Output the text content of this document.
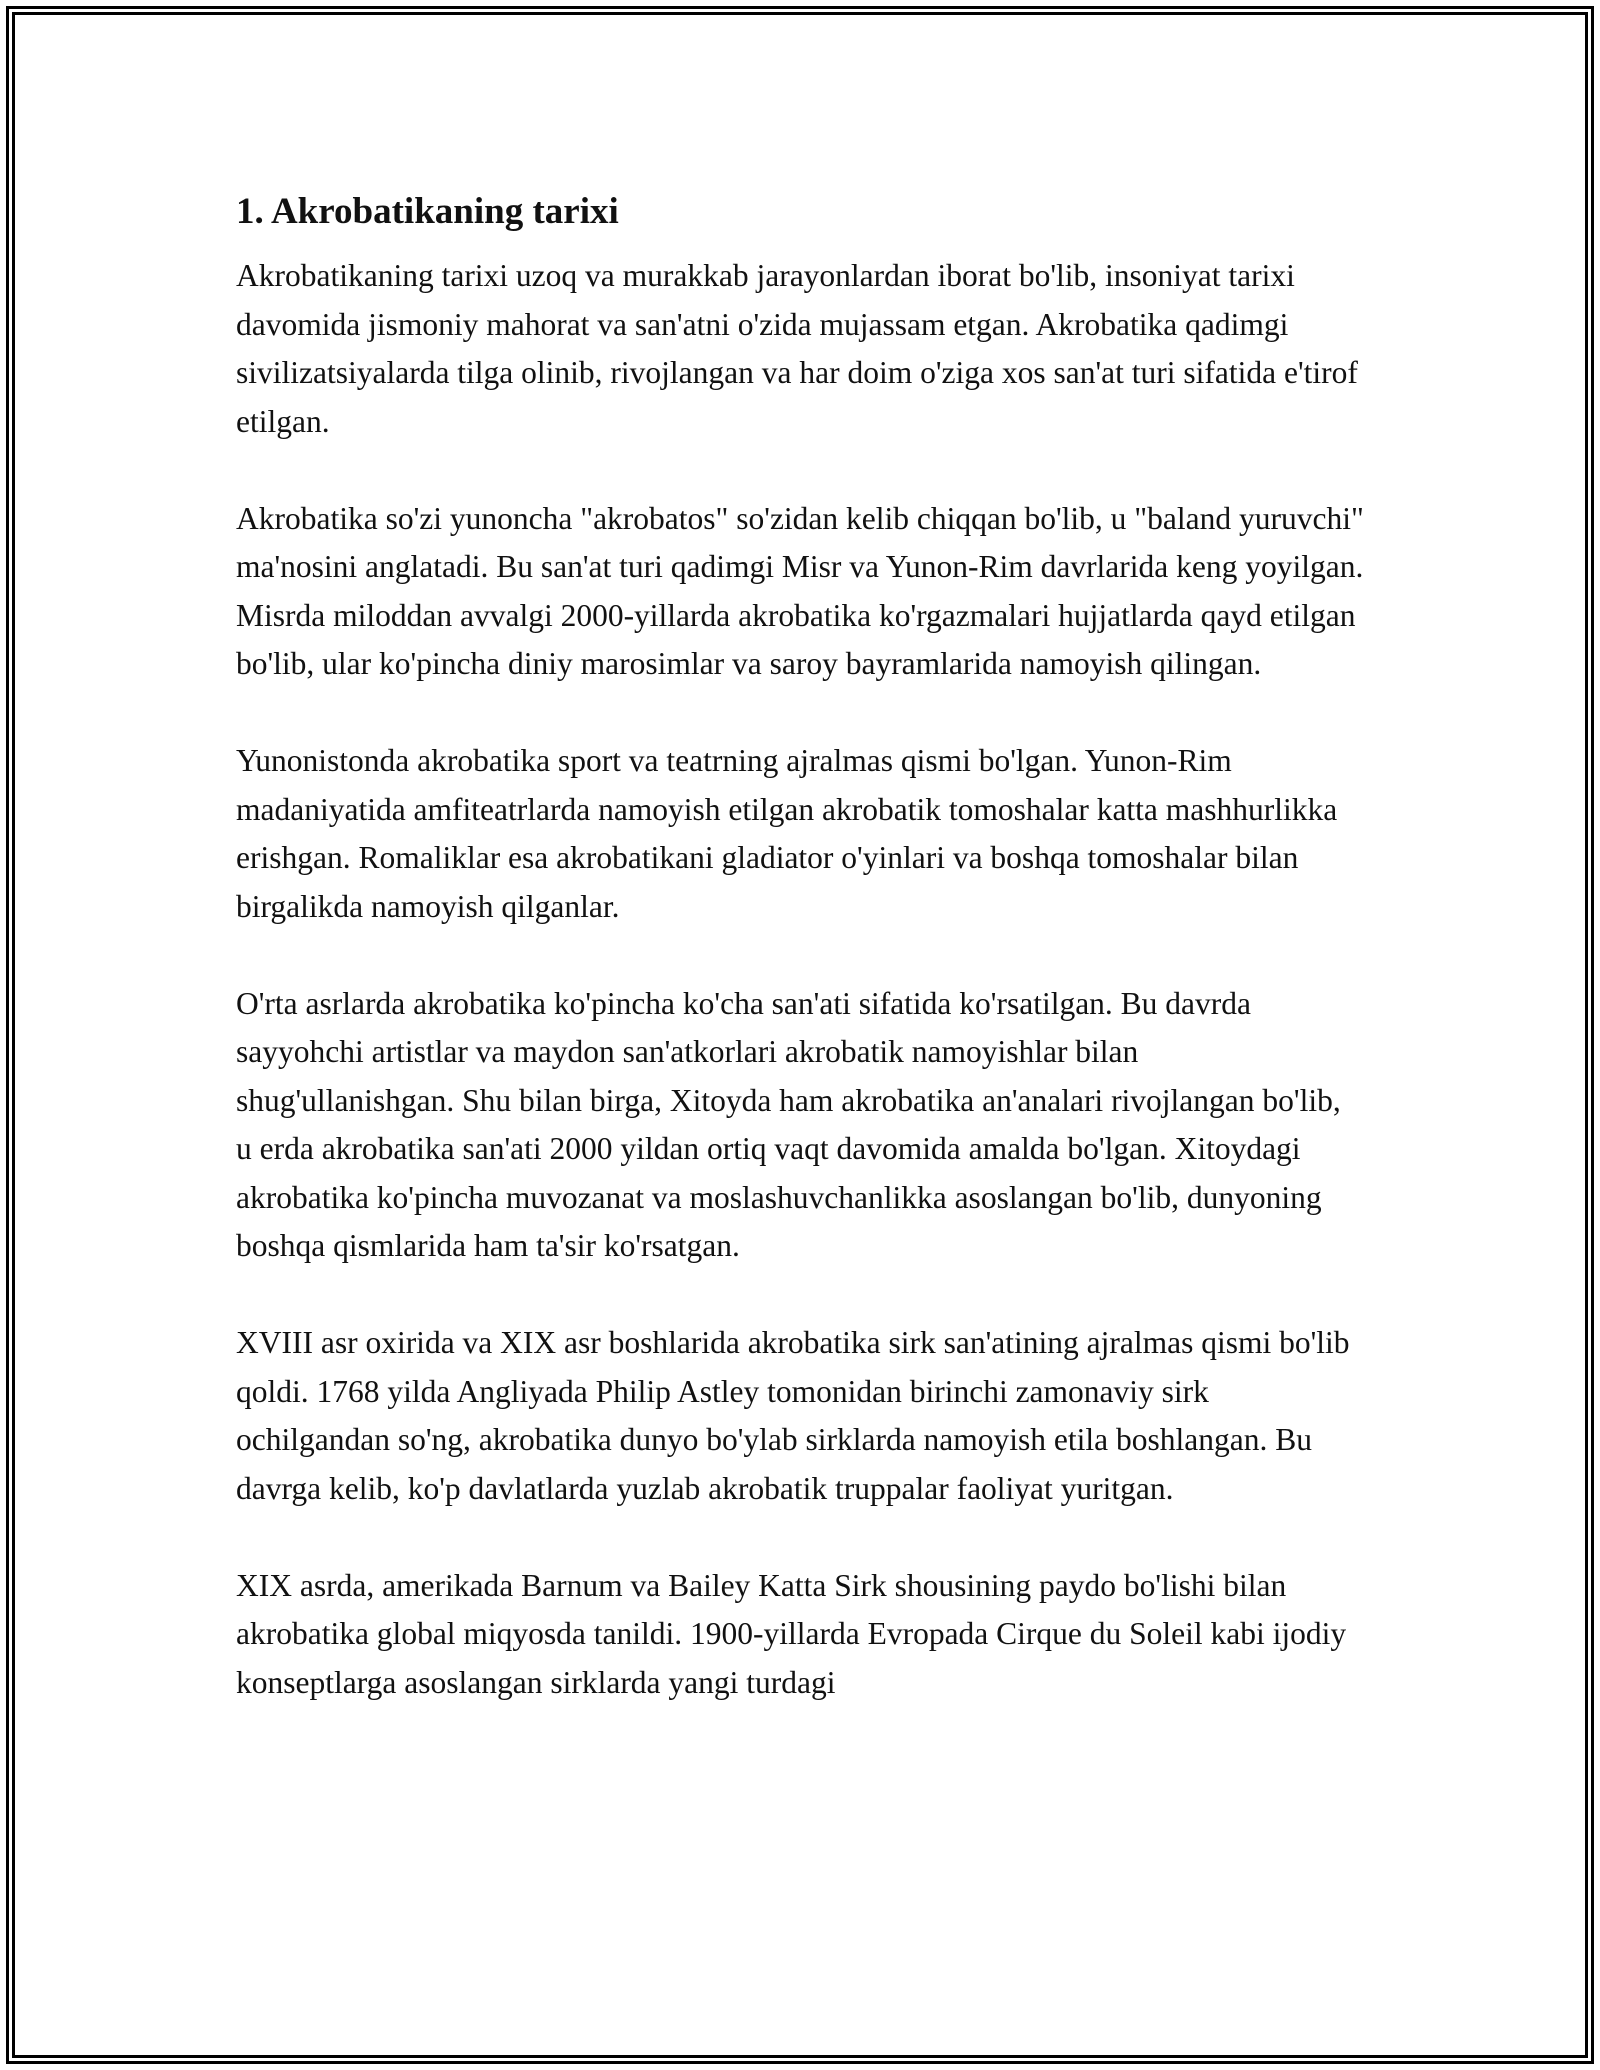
1. Akrobatikaning tarixi

Akrobatikaning tarixi uzoq va murakkab jarayonlardan iborat bo'lib, insoniyat tarixi davomida jismoniy mahorat va san'atni o'zida mujassam etgan. Akrobatika qadimgi sivilizatsiyalarda tilga olinib, rivojlangan va har doim o'ziga xos san'at turi sifatida e'tirof etilgan.

Akrobatika so'zi yunoncha "akrobatos" so'zidan kelib chiqqan bo'lib, u "baland yuruvchi" ma'nosini anglatadi. Bu san'at turi qadimgi Misr va Yunon-Rim davrlarida keng yoyilgan. Misrda miloddan avvalgi 2000-yillarda akrobatika ko'rgazmalari hujjatlarda qayd etilgan bo'lib, ular ko'pincha diniy marosimlar va saroy bayramlarida namoyish qilingan.

Yunonistonda akrobatika sport va teatrning ajralmas qismi bo'lgan. Yunon-Rim madaniyatida amfiteatrlarda namoyish etilgan akrobatik tomoshalar katta mashhurlikka erishgan. Romaliklar esa akrobatikani gladiator o'yinlari va boshqa tomoshalar bilan birgalikda namoyish qilganlar.

O'rta asrlarda akrobatika ko'pincha ko'cha san'ati sifatida ko'rsatilgan. Bu davrda sayyohchi artistlar va maydon san'atkorlari akrobatik namoyishlar bilan shug'ullanishgan. Shu bilan birga, Xitoyda ham akrobatika an'analari rivojlangan bo'lib, u erda akrobatika san'ati 2000 yildan ortiq vaqt davomida amalda bo'lgan. Xitoydagi akrobatika ko'pincha muvozanat va moslashuvchanlikka asoslangan bo'lib, dunyoning boshqa qismlarida ham ta'sir ko'rsatgan.

XVIII asr oxirida va XIX asr boshlarida akrobatika sirk san'atining ajralmas qismi bo'lib qoldi. 1768 yilda Angliyada Philip Astley tomonidan birinchi zamonaviy sirk ochilgandan so'ng, akrobatika dunyo bo'ylab sirklarda namoyish etila boshlangan. Bu davrga kelib, ko'p davlatlarda yuzlab akrobatik truppalar faoliyat yuritgan.

XIX asrda, amerikada Barnum va Bailey Katta Sirk shousining paydo bo'lishi bilan akrobatika global miqyosda tanildi. 1900-yillarda Evropada Cirque du Soleil kabi ijodiy konseptlarga asoslangan sirklarda yangi turdagi
